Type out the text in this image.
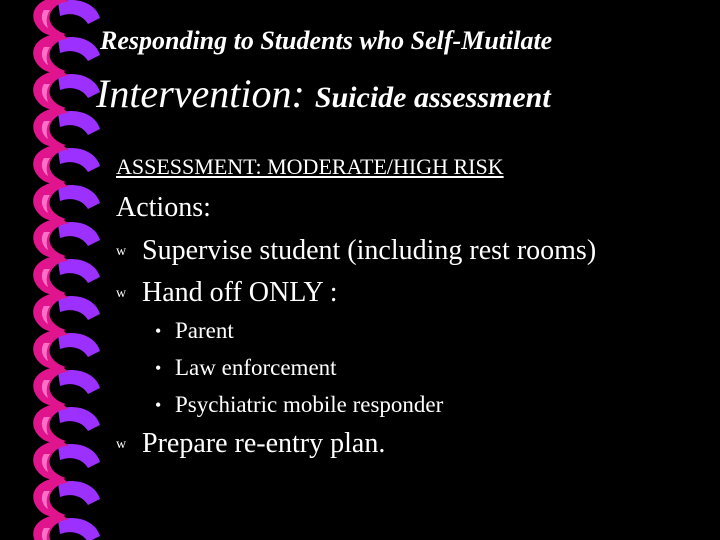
Responding to Students who Self-Mutilate
Intervention: Suicide assessment
ASSESSMENT: MODERATE/HIGH RISK
Actions:
w Supervise student (including rest rooms)
w Hand off ONLY :
• Parent
• Law enforcement
• Psychiatric mobile responder
w Prepare re-entry plan.
